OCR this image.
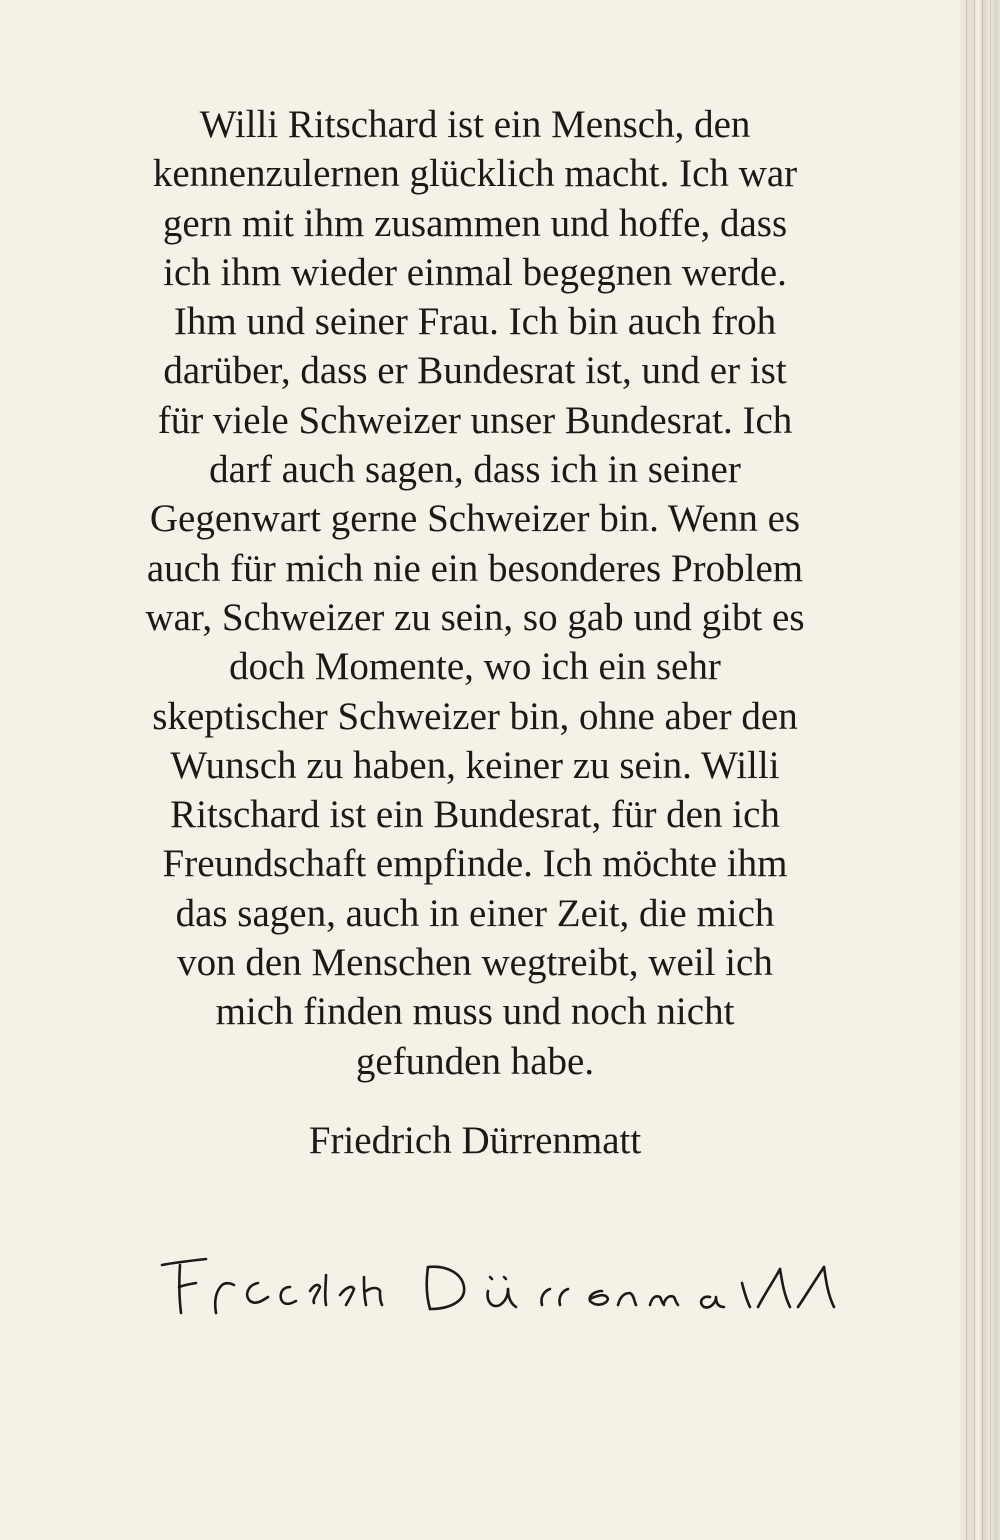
Willi Ritschard ist ein Mensch, den
kennenzulernen glücklich macht. Ich war
gern mit ihm zusammen und hoffe, dass
ich ihm wieder einmal begegnen werde.
Ihm und seiner Frau. Ich bin auch froh
darüber, dass er Bundesrat ist, und er ist
für viele Schweizer unser Bundesrat. Ich
darf auch sagen, dass ich in seiner
Gegenwart gerne Schweizer bin. Wenn es
auch für mich nie ein besonderes Problem
war, Schweizer zu sein, so gab und gibt es
doch Momente, wo ich ein sehr
skeptischer Schweizer bin, ohne aber den
Wunsch zu haben, keiner zu sein. Willi
Ritschard ist ein Bundesrat, für den ich
Freundschaft empfinde. Ich möchte ihm
das sagen, auch in einer Zeit, die mich
von den Menschen wegtreibt, weil ich
mich finden muss und noch nicht
gefunden habe.
Friedrich Dürrenmatt
